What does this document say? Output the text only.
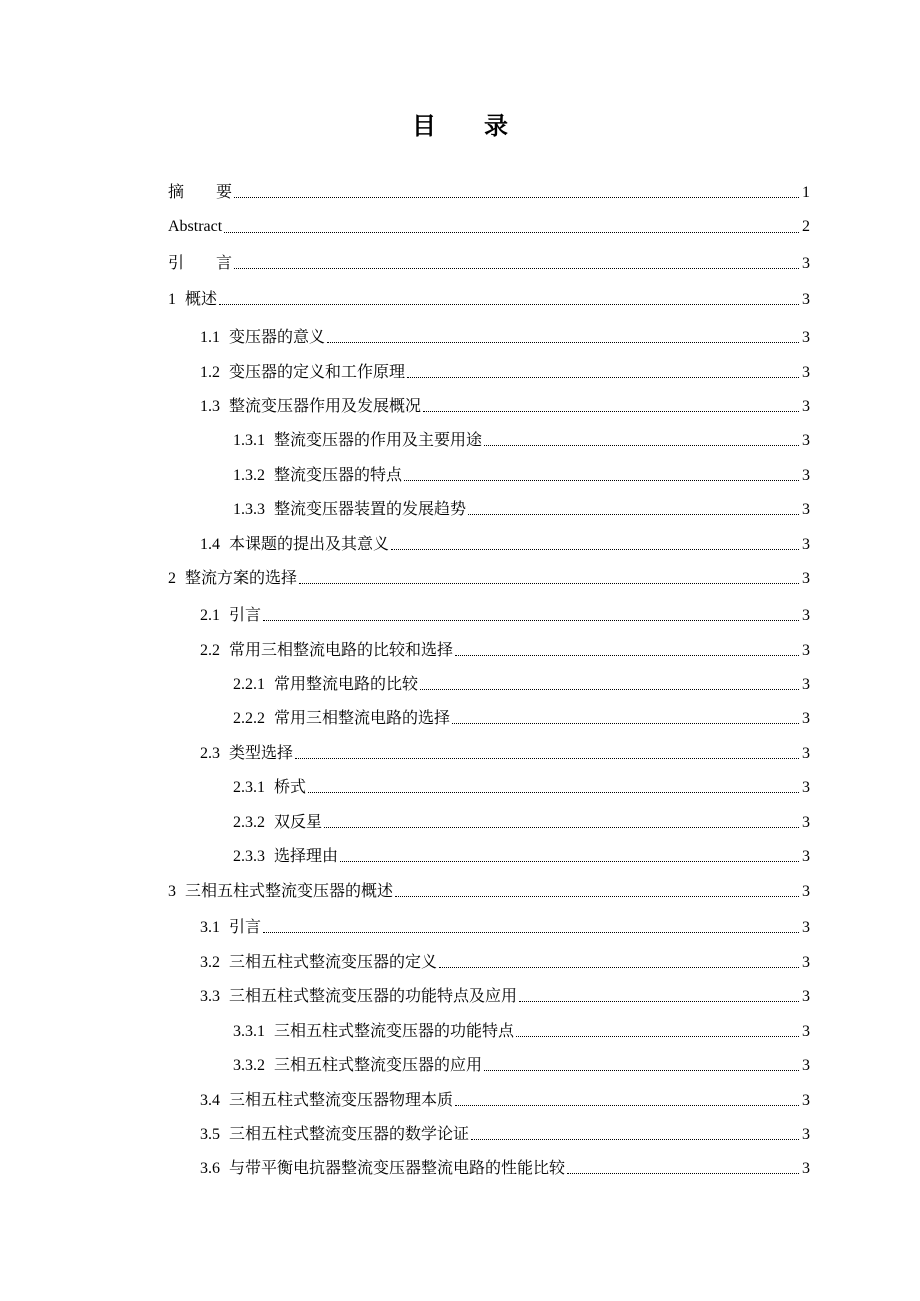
目　　录
摘　　要	1
Abstract	2
引　　言	3
1 概述	3
1.1 变压器的意义	3
1.2 变压器的定义和工作原理	3
1.3 整流变压器作用及发展概况	3
1.3.1 整流变压器的作用及主要用途	3
1.3.2 整流变压器的特点	3
1.3.3 整流变压器装置的发展趋势	3
1.4 本课题的提出及其意义	3
2 整流方案的选择	3
2.1 引言	3
2.2 常用三相整流电路的比较和选择	3
2.2.1 常用整流电路的比较	3
2.2.2 常用三相整流电路的选择	3
2.3 类型选择	3
2.3.1 桥式	3
2.3.2 双反星	3
2.3.3 选择理由	3
3 三相五柱式整流变压器的概述	3
3.1 引言	3
3.2 三相五柱式整流变压器的定义	3
3.3 三相五柱式整流变压器的功能特点及应用	3
3.3.1 三相五柱式整流变压器的功能特点	3
3.3.2 三相五柱式整流变压器的应用	3
3.4 三相五柱式整流变压器物理本质	3
3.5 三相五柱式整流变压器的数学论证	3
3.6 与带平衡电抗器整流变压器整流电路的性能比较	3
